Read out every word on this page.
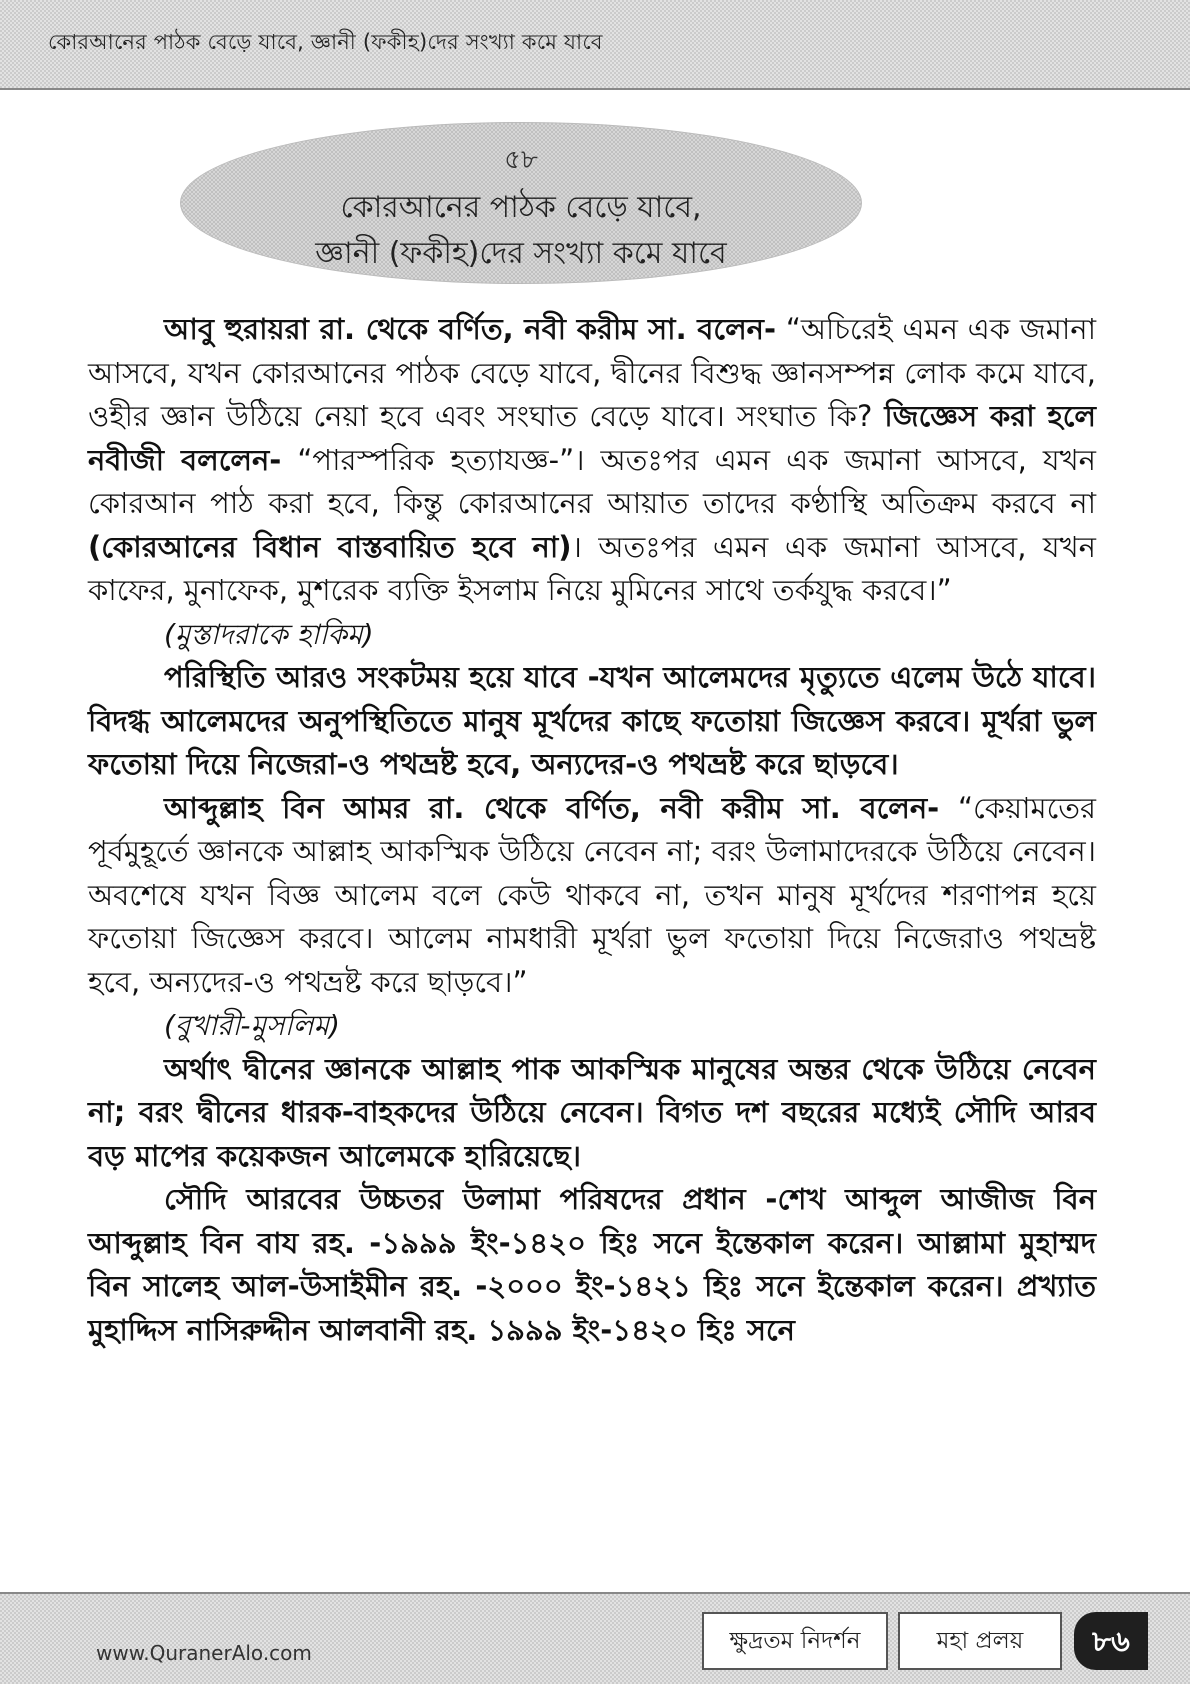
কোরআনের পাঠক বেড়ে যাবে, জ্ঞানী (ফকীহ)দের সংখ্যা কমে যাবে
৫৮
কোরআনের পাঠক বেড়ে যাবে,
জ্ঞানী (ফকীহ)দের সংখ্যা কমে যাবে

আবু হুরায়রা রা. থেকে বর্ণিত, নবী করীম সা. বলেন- “অচিরেই এমন এক জমানা আসবে, যখন কোরআনের পাঠক বেড়ে যাবে, দ্বীনের বিশুদ্ধ জ্ঞানসম্পন্ন লোক কমে যাবে, ওহীর জ্ঞান উঠিয়ে নেয়া হবে এবং সংঘাত বেড়ে যাবে। সংঘাত কি? জিজ্ঞেস করা হলে নবীজী বললেন- “পারস্পরিক হত্যাযজ্ঞ-”। অতঃপর এমন এক জমানা আসবে, যখন কোরআন পাঠ করা হবে, কিন্তু কোরআনের আয়াত তাদের কণ্ঠাস্থি অতিক্রম করবে না (কোরআনের বিধান বাস্তবায়িত হবে না)। অতঃপর এমন এক জমানা আসবে, যখন কাফের, মুনাফেক, মুশরেক ব্যক্তি ইসলাম নিয়ে মুমিনের সাথে তর্কযুদ্ধ করবে।”
(মুস্তাদরাকে হাকিম)

পরিস্থিতি আরও সংকটময় হয়ে যাবে -যখন আলেমদের মৃত্যুতে এলেম উঠে যাবে। বিদগ্ধ আলেমদের অনুপস্থিতিতে মানুষ মূর্খদের কাছে ফতোয়া জিজ্ঞেস করবে। মূর্খরা ভুল ফতোয়া দিয়ে নিজেরা-ও পথভ্রষ্ট হবে, অন্যদের-ও পথভ্রষ্ট করে ছাড়বে।

আব্দুল্লাহ বিন আমর রা. থেকে বর্ণিত, নবী করীম সা. বলেন- “কেয়ামতের পূর্বমুহূর্তে জ্ঞানকে আল্লাহ আকস্মিক উঠিয়ে নেবেন না; বরং উলামাদেরকে উঠিয়ে নেবেন। অবশেষে যখন বিজ্ঞ আলেম বলে কেউ থাকবে না, তখন মানুষ মূর্খদের শরণাপন্ন হয়ে ফতোয়া জিজ্ঞেস করবে। আলেম নামধারী মূর্খরা ভুল ফতোয়া দিয়ে নিজেরাও পথভ্রষ্ট হবে, অন্যদের-ও পথভ্রষ্ট করে ছাড়বে।”
(বুখারী-মুসলিম)

অর্থাৎ দ্বীনের জ্ঞানকে আল্লাহ পাক আকস্মিক মানুষের অন্তর থেকে উঠিয়ে নেবেন না; বরং দ্বীনের ধারক-বাহকদের উঠিয়ে নেবেন। বিগত দশ বছরের মধ্যেই সৌদি আরব বড় মাপের কয়েকজন আলেমকে হারিয়েছে।

সৌদি আরবের উচ্চতর উলামা পরিষদের প্রধান -শেখ আব্দুল আজীজ বিন আব্দুল্লাহ বিন বায রহ. -১৯৯৯ ইং-১৪২০ হিঃ সনে ইন্তেকাল করেন। আল্লামা মুহাম্মদ বিন সালেহ আল-উসাইমীন রহ. -২০০০ ইং-১৪২১ হিঃ সনে ইন্তেকাল করেন। প্রখ্যাত মুহাদ্দিস নাসিরুদ্দীন আলবানী রহ. ১৯৯৯ ইং-১৪২০ হিঃ সনে

www.QuranerAlo.com	ক্ষুদ্রতম নিদর্শন	মহা প্রলয়	৮৬
